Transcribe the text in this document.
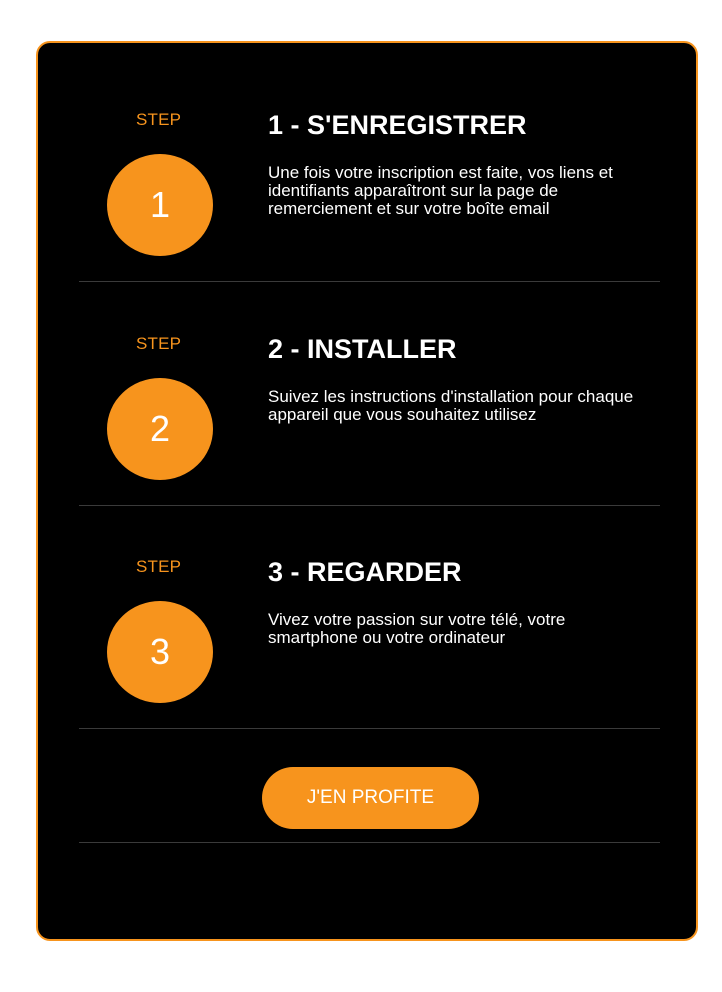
STEP
1
1 - S'ENREGISTRER
Une fois votre inscription est faite, vos liens et identifiants apparaîtront sur la page de remerciement et sur votre boîte email
STEP
2
2 - INSTALLER
Suivez les instructions d'installation pour chaque appareil que vous souhaitez utilisez
STEP
3
3 - REGARDER
Vivez votre passion sur votre télé, votre smartphone ou votre ordinateur
J'EN PROFITE
